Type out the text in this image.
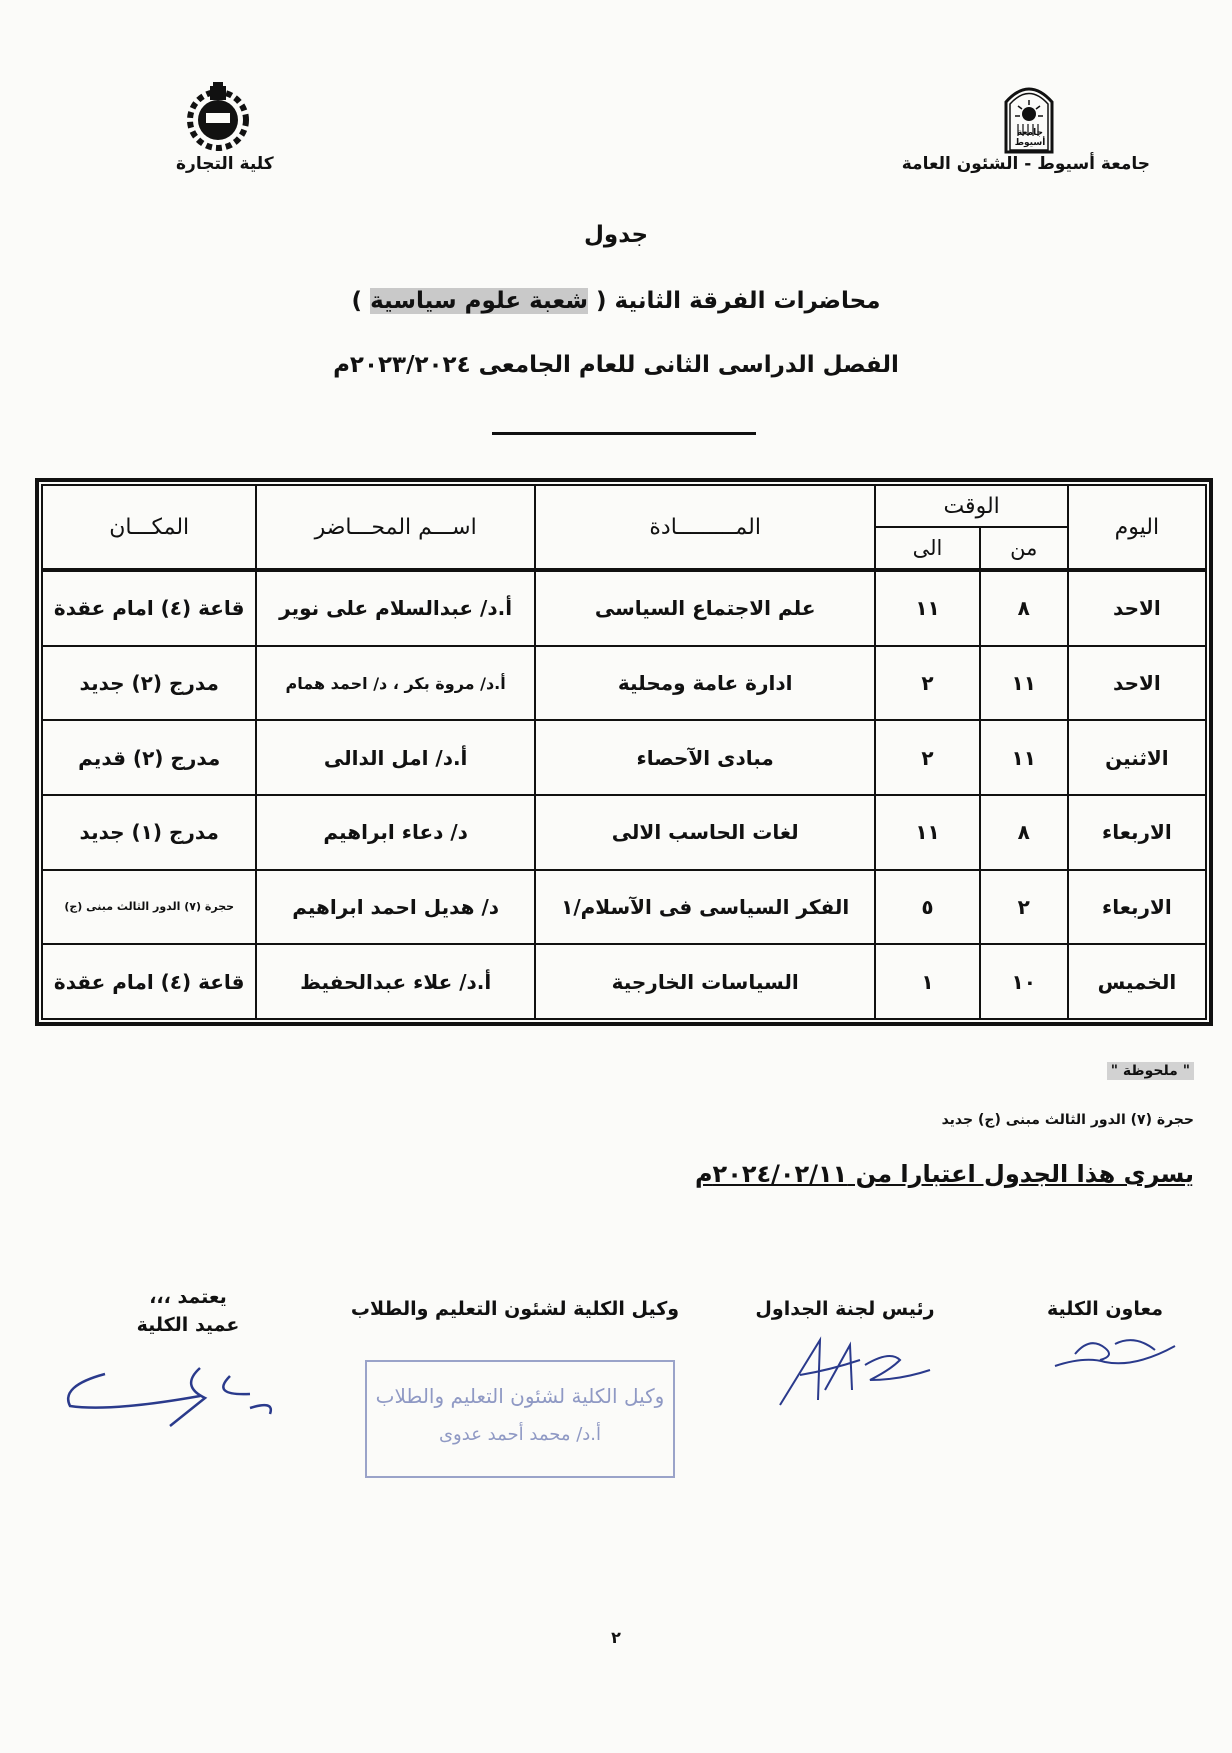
جامعة أسيوط
جامعة أسيوط - الشئون العامة
كلية التجارة
جدول
محاضرات الفرقة الثانية ( شعبة علوم سياسية )
الفصل الدراسى الثانى للعام الجامعى ٢٠٢٣/٢٠٢٤م
اليوم	الوقت		المـــــــــادة	اســـم المحـــاضر	المكـــان
	من	الى			
الاحد	٨	١١	علم الاجتماع السياسى	أ.د/ عبدالسلام على نوير	قاعة (٤) امام عقدة
الاحد	١١	٢	ادارة عامة ومحلية	أ.د/ مروة بكر ، د/ احمد همام	مدرج (٢) جديد
الاثنين	١١	٢	مبادى الآحصاء	أ.د/ امل الدالى	مدرج (٢) قديم
الاربعاء	٨	١١	لغات الحاسب الالى	د/ دعاء ابراهيم	مدرج (١) جديد
الاربعاء	٢	٥	الفكر السياسى فى الآسلام/١	د/ هديل احمد ابراهيم	حجرة (٧) الدور الثالث مبنى (ج)
الخميس	١٠	١	السياسات الخارجية	أ.د/ علاء عبدالحفيظ	قاعة (٤) امام عقدة
" ملحوظة "
حجرة (٧) الدور الثالث مبنى (ج) جديد
يسرى هذا الجدول اعتبارا من ٢٠٢٤/٠٢/١١م
معاون الكلية
رئيس لجنة الجداول
وكيل الكلية لشئون التعليم والطلاب
وكيل الكلية لشئون التعليم والطلاب
أ.د/ محمد أحمد عدوى
يعتمد ،،،
عميد الكلية
٢
